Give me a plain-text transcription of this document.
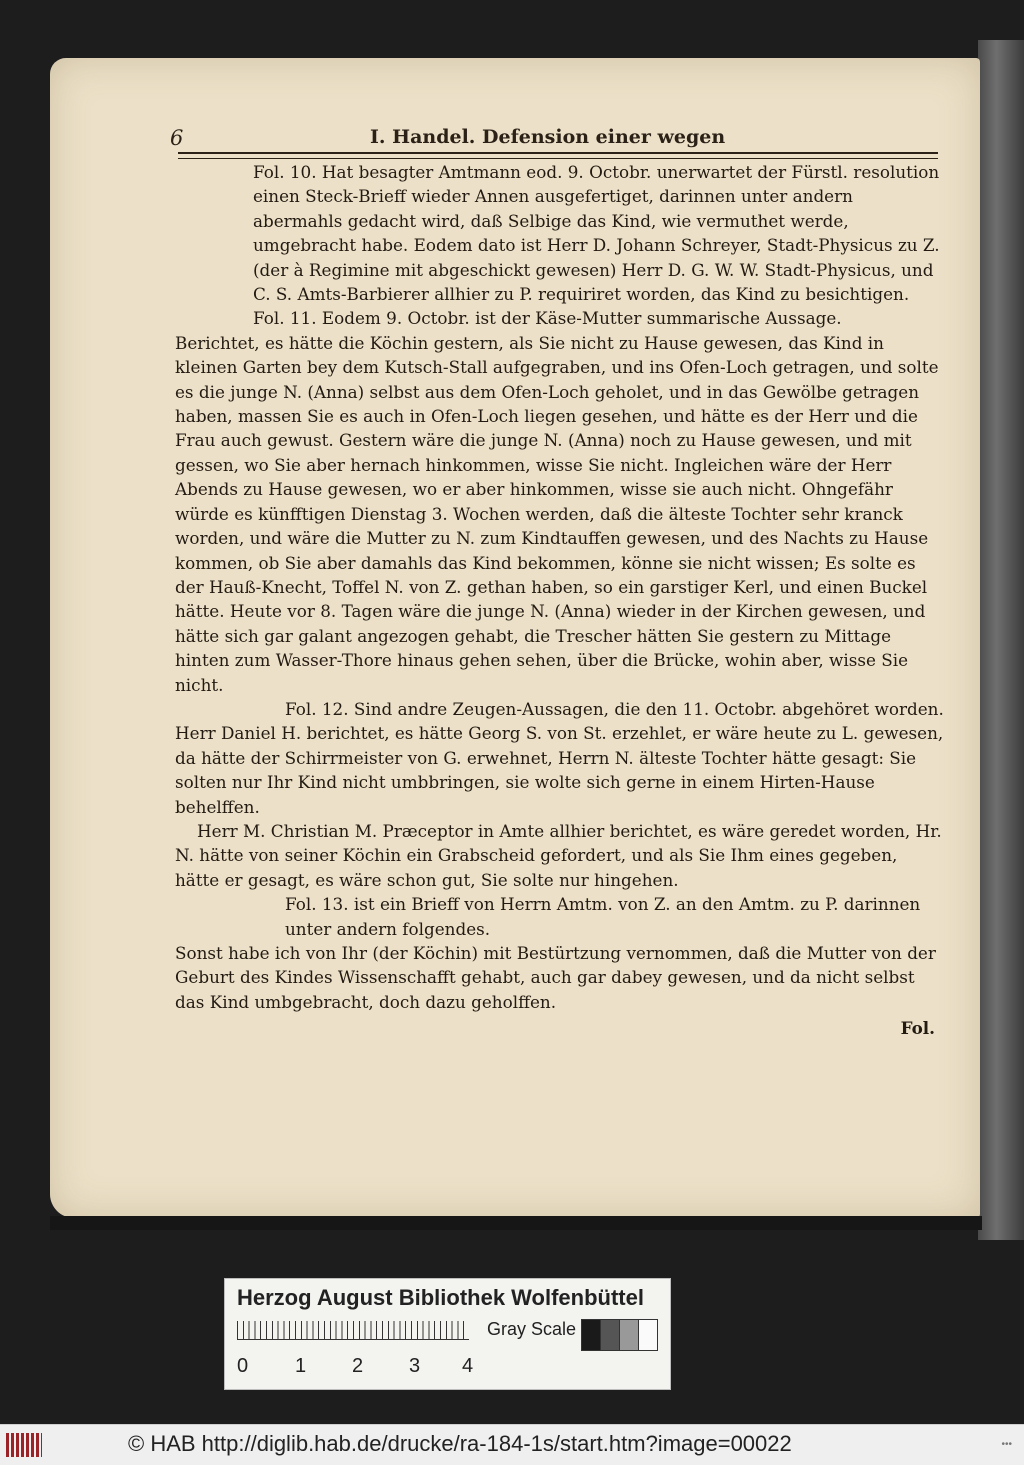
6	I. Handel. Defension einer wegen

Fol. 10. Hat besagter Amtmann eod. 9. Octobr. unerwartet der Fürstl. resolution einen Steck-Brieff wieder Annen ausgefertiget, darinnen unter andern abermahls gedacht wird, daß Selbige das Kind, wie vermuthet werde, umgebracht habe. Eodem dato ist Herr D. Johann Schreyer, Stadt-Physicus zu Z. (der à Regimine mit abgeschickt gewesen) Herr D. G. W. W. Stadt-Physicus, und C. S. Amts-Barbierer allhier zu P. requiriret worden, das Kind zu besichtigen. Fol. 11. Eodem 9. Octobr. ist der Käse-Mutter summarische Aussage.

Berichtet, es hätte die Köchin gestern, als Sie nicht zu Hause gewesen, das Kind in kleinen Garten bey dem Kutsch-Stall aufgegraben, und ins Ofen-Loch getragen, und solte es die junge N. (Anna) selbst aus dem Ofen-Loch geholet, und in das Gewölbe getragen haben, massen Sie es auch in Ofen-Loch liegen gesehen, und hätte es der Herr und die Frau auch gewust. Gestern wäre die junge N. (Anna) noch zu Hause gewesen, und mit gessen, wo Sie aber hernach hinkommen, wisse Sie nicht. Ingleichen wäre der Herr Abends zu Hause gewesen, wo er aber hinkommen, wisse sie auch nicht. Ohngefähr würde es künfftigen Dienstag 3. Wochen werden, daß die älteste Tochter sehr kranck worden, und wäre die Mutter zu N. zum Kindtauffen gewesen, und des Nachts zu Hause kommen, ob Sie aber damahls das Kind bekommen, könne sie nicht wissen; Es solte es der Hauß-Knecht, Toffel N. von Z. gethan haben, so ein garstiger Kerl, und einen Buckel hätte. Heute vor 8. Tagen wäre die junge N. (Anna) wieder in der Kirchen gewesen, und hätte sich gar galant angezogen gehabt, die Trescher hätten Sie gestern zu Mittage hinten zum Wasser-Thore hinaus gehen sehen, über die Brücke, wohin aber, wisse Sie nicht.

Fol. 12. Sind andre Zeugen-Aussagen, die den 11. Octobr. abgehöret worden.

Herr Daniel H. berichtet, es hätte Georg S. von St. erzehlet, er wäre heute zu L. gewesen, da hätte der Schirrmeister von G. erwehnet, Herrn N. älteste Tochter hätte gesagt: Sie solten nur Ihr Kind nicht umbbringen, sie wolte sich gerne in einem Hirten-Hause behelffen.

Herr M. Christian M. Præceptor in Amte allhier berichtet, es wäre geredet worden, Hr. N. hätte von seiner Köchin ein Grabscheid gefordert, und als Sie Ihm eines gegeben, hätte er gesagt, es wäre schon gut, Sie solte nur hingehen.

Fol. 13. ist ein Brieff von Herrn Amtm. von Z. an den Amtm. zu P. darinnen unter andern folgendes.

Sonst habe ich von Ihr (der Köchin) mit Bestürtzung vernommen, daß die Mutter von der Geburt des Kindes Wissenschafft gehabt, auch gar dabey gewesen, und da nicht selbst das Kind umbgebracht, doch dazu geholffen.

Fol.

Herzog August Bibliothek Wolfenbüttel
Gray Scale
0 1 2 3 4
© HAB http://diglib.hab.de/drucke/ra-184-1s/start.htm?image=00022	•••
